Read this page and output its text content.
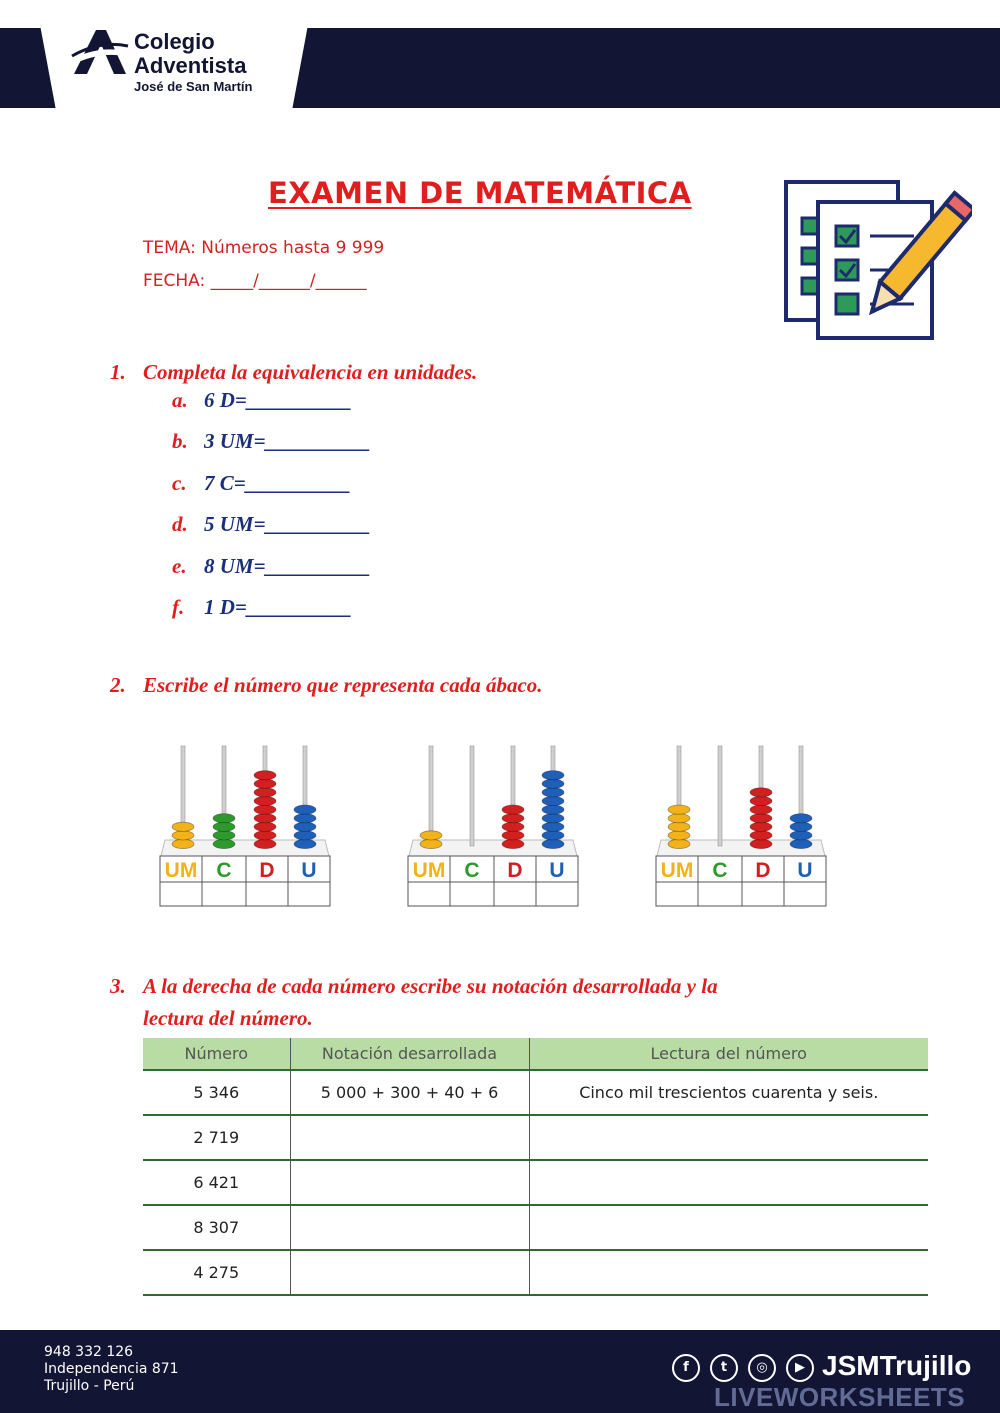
Colegio
Adventista
José de San Martín
EXAMEN DE MATEMÁTICA
TEMA: Números hasta 9 999
FECHA: _____/______/______
1. Completa la equivalencia en unidades.
a. 6 D=__________
b. 3 UM=__________
c. 7 C=__________
d. 5 UM=__________
e. 8 UM=__________
f. 1 D=__________
2. Escribe el número que representa cada ábaco.
UM C D U	UM C D U	UM C D U
3. A la derecha de cada número escribe su notación desarrollada y la
lectura del número.
Número	Notación desarrollada	Lectura del número
5 346	5 000 + 300 + 40 + 6	Cinco mil trescientos cuarenta y seis.
2 719		
6 421		
8 307		
4 275		
948 332 126
Independencia 871
Trujillo - Perú
f	t	◎	▶ JSMTrujillo
LIVEWORKSHEETS
